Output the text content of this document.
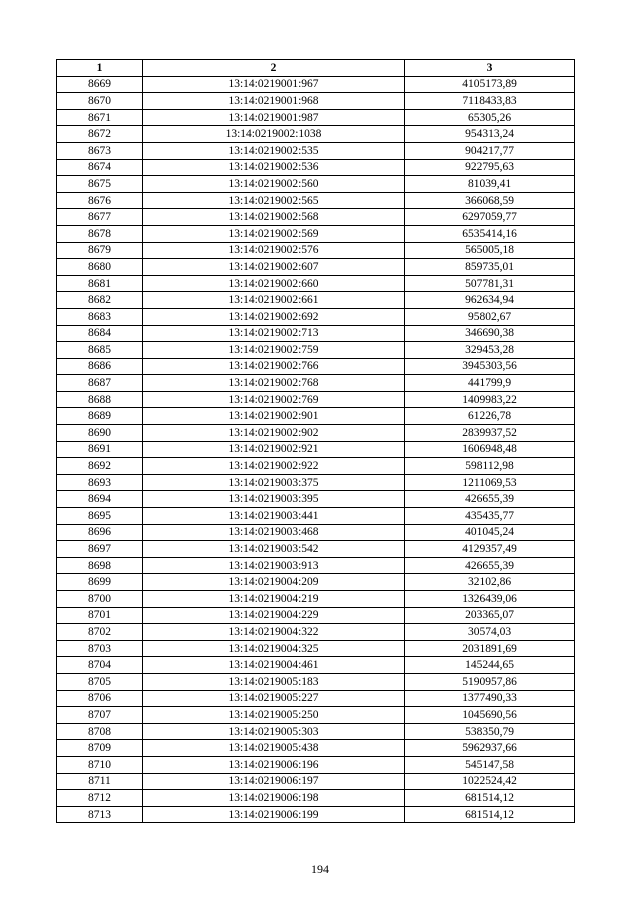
1	2	3
8669	13:14:0219001:967	4105173,89
8670	13:14:0219001:968	7118433,83
8671	13:14:0219001:987	65305,26
8672	13:14:0219002:1038	954313,24
8673	13:14:0219002:535	904217,77
8674	13:14:0219002:536	922795,63
8675	13:14:0219002:560	81039,41
8676	13:14:0219002:565	366068,59
8677	13:14:0219002:568	6297059,77
8678	13:14:0219002:569	6535414,16
8679	13:14:0219002:576	565005,18
8680	13:14:0219002:607	859735,01
8681	13:14:0219002:660	507781,31
8682	13:14:0219002:661	962634,94
8683	13:14:0219002:692	95802,67
8684	13:14:0219002:713	346690,38
8685	13:14:0219002:759	329453,28
8686	13:14:0219002:766	3945303,56
8687	13:14:0219002:768	441799,9
8688	13:14:0219002:769	1409983,22
8689	13:14:0219002:901	61226,78
8690	13:14:0219002:902	2839937,52
8691	13:14:0219002:921	1606948,48
8692	13:14:0219002:922	598112,98
8693	13:14:0219003:375	1211069,53
8694	13:14:0219003:395	426655,39
8695	13:14:0219003:441	435435,77
8696	13:14:0219003:468	401045,24
8697	13:14:0219003:542	4129357,49
8698	13:14:0219003:913	426655,39
8699	13:14:0219004:209	32102,86
8700	13:14:0219004:219	1326439,06
8701	13:14:0219004:229	203365,07
8702	13:14:0219004:322	30574,03
8703	13:14:0219004:325	2031891,69
8704	13:14:0219004:461	145244,65
8705	13:14:0219005:183	5190957,86
8706	13:14:0219005:227	1377490,33
8707	13:14:0219005:250	1045690,56
8708	13:14:0219005:303	538350,79
8709	13:14:0219005:438	5962937,66
8710	13:14:0219006:196	545147,58
8711	13:14:0219006:197	1022524,42
8712	13:14:0219006:198	681514,12
8713	13:14:0219006:199	681514,12
194
